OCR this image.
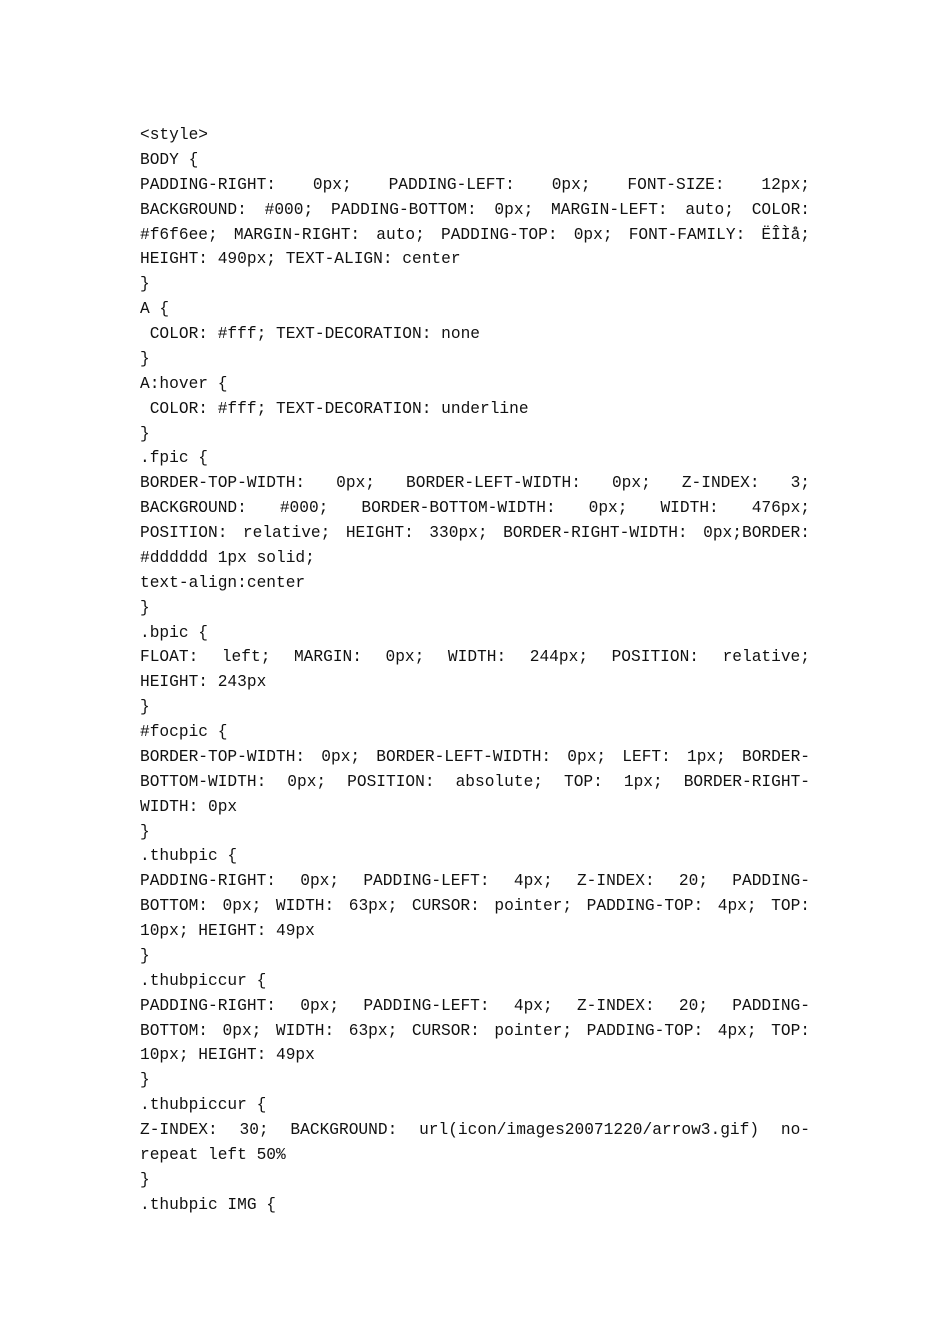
<style>
BODY {
PADDING-RIGHT: 0px; PADDING-LEFT: 0px; FONT-SIZE: 12px;
BACKGROUND: #000; PADDING-BOTTOM: 0px; MARGIN-LEFT: auto; COLOR:
#f6f6ee; MARGIN-RIGHT: auto; PADDING-TOP: 0px; FONT-FAMILY: ËÎÌå;
HEIGHT: 490px; TEXT-ALIGN: center
}
A {
COLOR: #fff; TEXT-DECORATION: none
}
A:hover {
COLOR: #fff; TEXT-DECORATION: underline
}
.fpic {
BORDER-TOP-WIDTH: 0px; BORDER-LEFT-WIDTH: 0px; Z-INDEX: 3;
BACKGROUND: #000; BORDER-BOTTOM-WIDTH: 0px; WIDTH: 476px;
POSITION: relative; HEIGHT: 330px; BORDER-RIGHT-WIDTH: 0px;BORDER:
#dddddd 1px solid;
text-align:center
}
.bpic {
FLOAT: left; MARGIN: 0px; WIDTH: 244px; POSITION: relative;
HEIGHT: 243px
}
#focpic {
BORDER-TOP-WIDTH: 0px; BORDER-LEFT-WIDTH: 0px; LEFT: 1px; BORDER-
BOTTOM-WIDTH: 0px; POSITION: absolute; TOP: 1px; BORDER-RIGHT-
WIDTH: 0px
}
.thubpic {
PADDING-RIGHT: 0px; PADDING-LEFT: 4px; Z-INDEX: 20; PADDING-
BOTTOM: 0px; WIDTH: 63px; CURSOR: pointer; PADDING-TOP: 4px; TOP:
10px; HEIGHT: 49px
}
.thubpiccur {
PADDING-RIGHT: 0px; PADDING-LEFT: 4px; Z-INDEX: 20; PADDING-
BOTTOM: 0px; WIDTH: 63px; CURSOR: pointer; PADDING-TOP: 4px; TOP:
10px; HEIGHT: 49px
}
.thubpiccur {
Z-INDEX: 30; BACKGROUND: url(icon/images20071220/arrow3.gif) no-
repeat left 50%
}
.thubpic IMG {
